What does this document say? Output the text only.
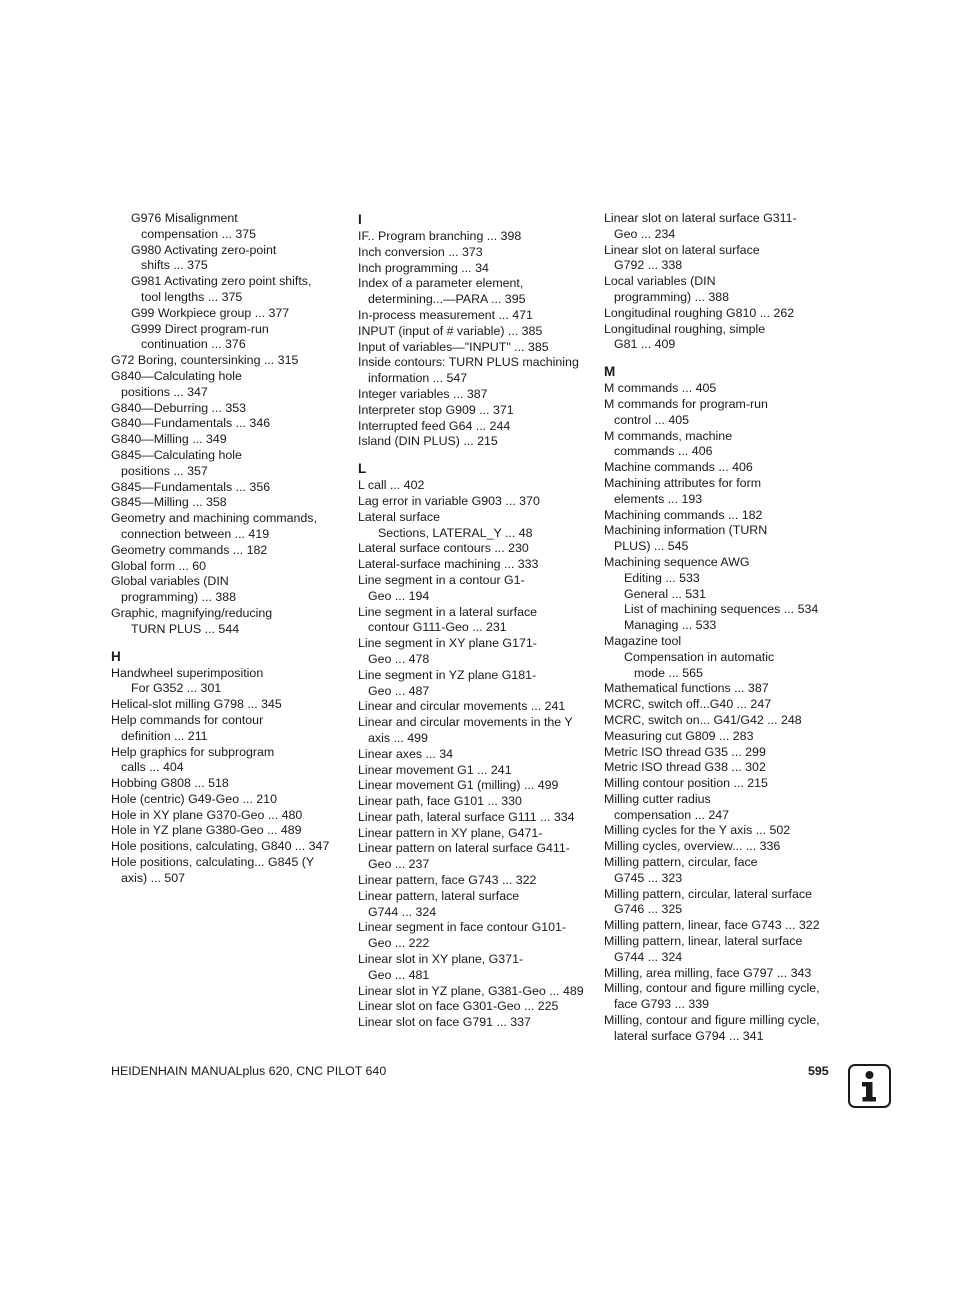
G976 Misalignment
compensation ... 375
G980 Activating zero-point
shifts ... 375
G981 Activating zero point shifts,
tool lengths ... 375
G99 Workpiece group ... 377
G999 Direct program-run
continuation ... 376
G72 Boring, countersinking ... 315
G840—Calculating hole
positions ... 347
G840—Deburring ... 353
G840—Fundamentals ... 346
G840—Milling ... 349
G845—Calculating hole
positions ... 357
G845—Fundamentals ... 356
G845—Milling ... 358
Geometry and machining commands,
connection between ... 419
Geometry commands ... 182
Global form ... 60
Global variables (DIN
programming) ... 388
Graphic, magnifying/reducing
TURN PLUS ... 544
H
Handwheel superimposition
For G352 ... 301
Helical-slot milling G798 ... 345
Help commands for contour
definition ... 211
Help graphics for subprogram
calls ... 404
Hobbing G808 ... 518
Hole (centric) G49-Geo ... 210
Hole in XY plane G370-Geo ... 480
Hole in YZ plane G380-Geo ... 489
Hole positions, calculating, G840 ... 347
Hole positions, calculating... G845 (Y
axis) ... 507
I
IF.. Program branching ... 398
Inch conversion ... 373
Inch programming ... 34
Index of a parameter element,
determining...—PARA ... 395
In-process measurement ... 471
INPUT (input of # variable) ... 385
Input of variables—"INPUT" ... 385
Inside contours: TURN PLUS machining
information ... 547
Integer variables ... 387
Interpreter stop G909 ... 371
Interrupted feed G64 ... 244
Island (DIN PLUS) ... 215
L
L call ... 402
Lag error in variable G903 ... 370
Lateral surface
Sections, LATERAL_Y ... 48
Lateral surface contours ... 230
Lateral-surface machining ... 333
Line segment in a contour G1-
Geo ... 194
Line segment in a lateral surface
contour G111-Geo ... 231
Line segment in XY plane G171-
Geo ... 478
Line segment in YZ plane G181-
Geo ... 487
Linear and circular movements ... 241
Linear and circular movements in the Y
axis ... 499
Linear axes ... 34
Linear movement G1 ... 241
Linear movement G1 (milling) ... 499
Linear path, face G101 ... 330
Linear path, lateral surface G111 ... 334
Linear pattern in XY plane, G471-
Linear pattern on lateral surface G411-
Geo ... 237
Linear pattern, face G743 ... 322
Linear pattern, lateral surface
G744 ... 324
Linear segment in face contour G101-
Geo ... 222
Linear slot in XY plane, G371-
Geo ... 481
Linear slot in YZ plane, G381-Geo ... 489
Linear slot on face G301-Geo ... 225
Linear slot on face G791 ... 337
Linear slot on lateral surface G311-
Geo ... 234
Linear slot on lateral surface
G792 ... 338
Local variables (DIN
programming) ... 388
Longitudinal roughing G810 ... 262
Longitudinal roughing, simple
G81 ... 409
M
M commands ... 405
M commands for program-run
control ... 405
M commands, machine
commands ... 406
Machine commands ... 406
Machining attributes for form
elements ... 193
Machining commands ... 182
Machining information (TURN
PLUS) ... 545
Machining sequence AWG
Editing ... 533
General ... 531
List of machining sequences ... 534
Managing ... 533
Magazine tool
Compensation in automatic
mode ... 565
Mathematical functions ... 387
MCRC, switch off...G40 ... 247
MCRC, switch on... G41/G42 ... 248
Measuring cut G809 ... 283
Metric ISO thread G35 ... 299
Metric ISO thread G38 ... 302
Milling contour position ... 215
Milling cutter radius
compensation ... 247
Milling cycles for the Y axis ... 502
Milling cycles, overview... ... 336
Milling pattern, circular, face
G745 ... 323
Milling pattern, circular, lateral surface
G746 ... 325
Milling pattern, linear, face G743 ... 322
Milling pattern, linear, lateral surface
G744 ... 324
Milling, area milling, face G797 ... 343
Milling, contour and figure milling cycle,
face G793 ... 339
Milling, contour and figure milling cycle,
lateral surface G794 ... 341
HEIDENHAIN MANUALplus 620, CNC PILOT 640	595
